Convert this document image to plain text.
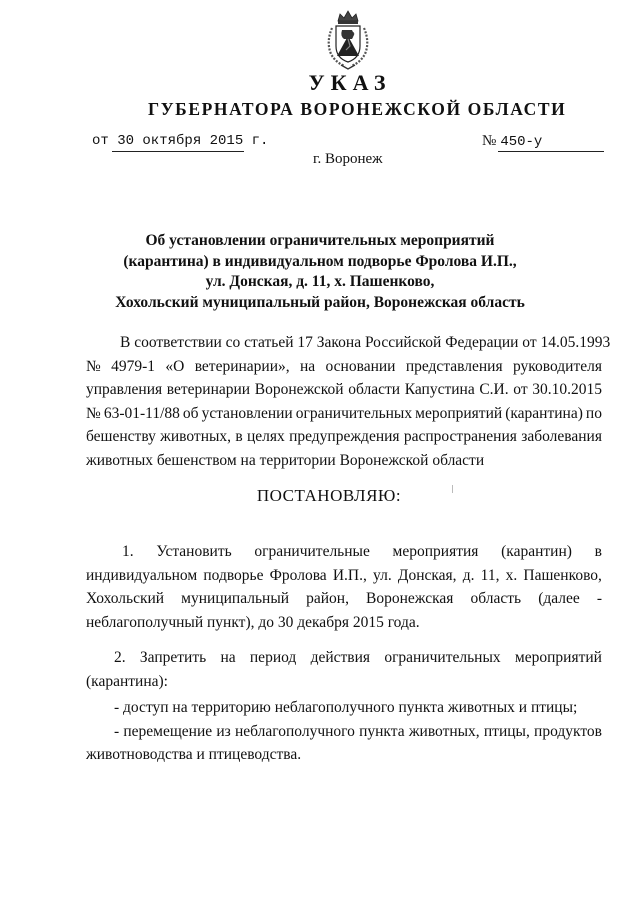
УКАЗ
ГУБЕРНАТОРА ВОРОНЕЖСКОЙ ОБЛАСТИ
от 30 октября 2015 г.	№ 450-у
г. Воронеж
Об установлении ограничительных мероприятий
(карантина) в индивидуальном подворье Фролова И.П.,
ул. Донская, д. 11, х. Пашенково,
Хохольский муниципальный район, Воронежская область
В соответствии со статьей 17 Закона Российской Федерации от 14.05.1993
№ 4979-1 «О ветеринарии», на основании представления руководителя
управления ветеринарии Воронежской области Капустина С.И. от 30.10.2015
№ 63-01-11/88 об установлении ограничительных мероприятий (карантина) по
бешенству животных, в целях предупреждения распространения заболевания
животных бешенством на территории Воронежской области
ПОСТАНОВЛЯЮ:
1. Установить ограничительные мероприятия (карантин) в
индивидуальном подворье Фролова И.П., ул. Донская, д. 11, х. Пашенково,
Хохольский муниципальный район, Воронежская область (далее -
неблагополучный пункт), до 30 декабря 2015 года.
2. Запретить на период действия ограничительных мероприятий
(карантина):
- доступ на территорию неблагополучного пункта животных и птицы;
- перемещение из неблагополучного пункта животных, птицы, продуктов
животноводства и птицеводства.
